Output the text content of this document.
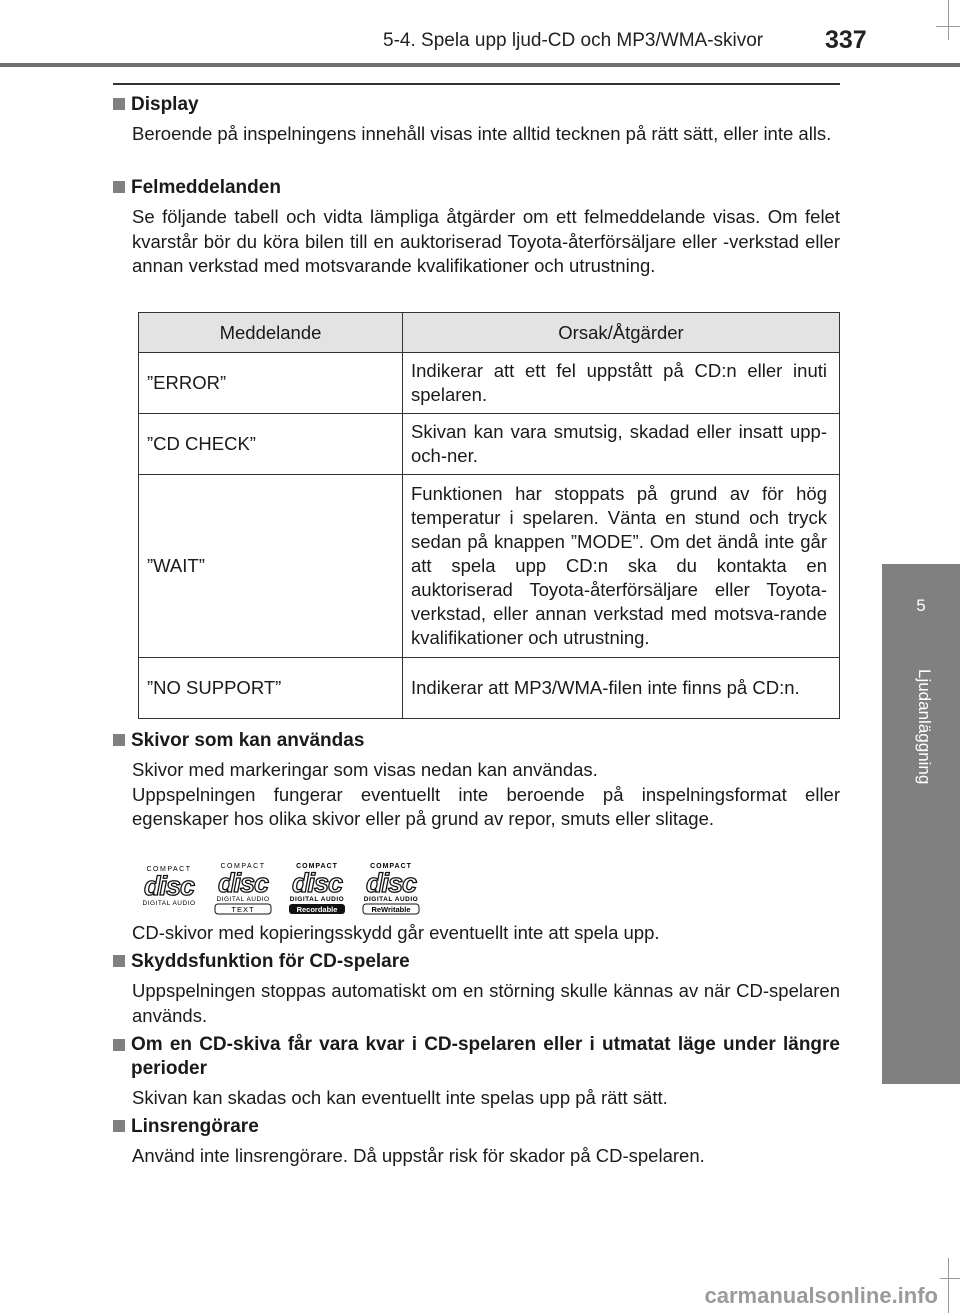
5-4. Spela upp ljud-CD och MP3/WMA-skivor 337
5
Ljudanläggning
Display
Beroende på inspelningens innehåll visas inte alltid tecknen på rätt sätt, eller inte alls.
Felmeddelanden
Se följande tabell och vidta lämpliga åtgärder om ett felmeddelande visas. Om felet kvarstår bör du köra bilen till en auktoriserad Toyota-återförsäljare eller -verkstad eller annan verkstad med motsvarande kvalifikationer och utrustning.
Meddelande	Orsak/Åtgärder
”ERROR”	Indikerar att ett fel uppstått på CD:n eller inuti spelaren.
”CD CHECK”	Skivan kan vara smutsig, skadad eller insatt upp-och-ner.
”WAIT”	Funktionen har stoppats på grund av för hög temperatur i spelaren. Vänta en stund och tryck sedan på knappen ”MODE”. Om det ändå inte går att spela upp CD:n ska du kontakta en auktoriserad Toyota-återförsäljare eller Toyota-verkstad, eller annan verkstad med motsva-rande kvalifikationer och utrustning.
”NO SUPPORT”	Indikerar att MP3/WMA-filen inte finns på CD:n.
Skivor som kan användas
Skivor med markeringar som visas nedan kan användas.
Uppspelningen fungerar eventuellt inte beroende på inspelningsformat eller egenskaper hos olika skivor eller på grund av repor, smuts eller slitage.
COMPACT
disc
DIGITAL AUDIO
COMPACT
disc
DIGITAL AUDIO
TEXT
COMPACT
disc
DIGITAL AUDIO
Recordable
COMPACT
disc
DIGITAL AUDIO
ReWritable
CD-skivor med kopieringsskydd går eventuellt inte att spela upp.
Skyddsfunktion för CD-spelare
Uppspelningen stoppas automatiskt om en störning skulle kännas av när CD-spelaren används.
Om en CD-skiva får vara kvar i CD-spelaren eller i utmatat läge under längre perioder
Skivan kan skadas och kan eventuellt inte spelas upp på rätt sätt.
Linsrengörare
Använd inte linsrengörare. Då uppstår risk för skador på CD-spelaren.
carmanualsonline.info
